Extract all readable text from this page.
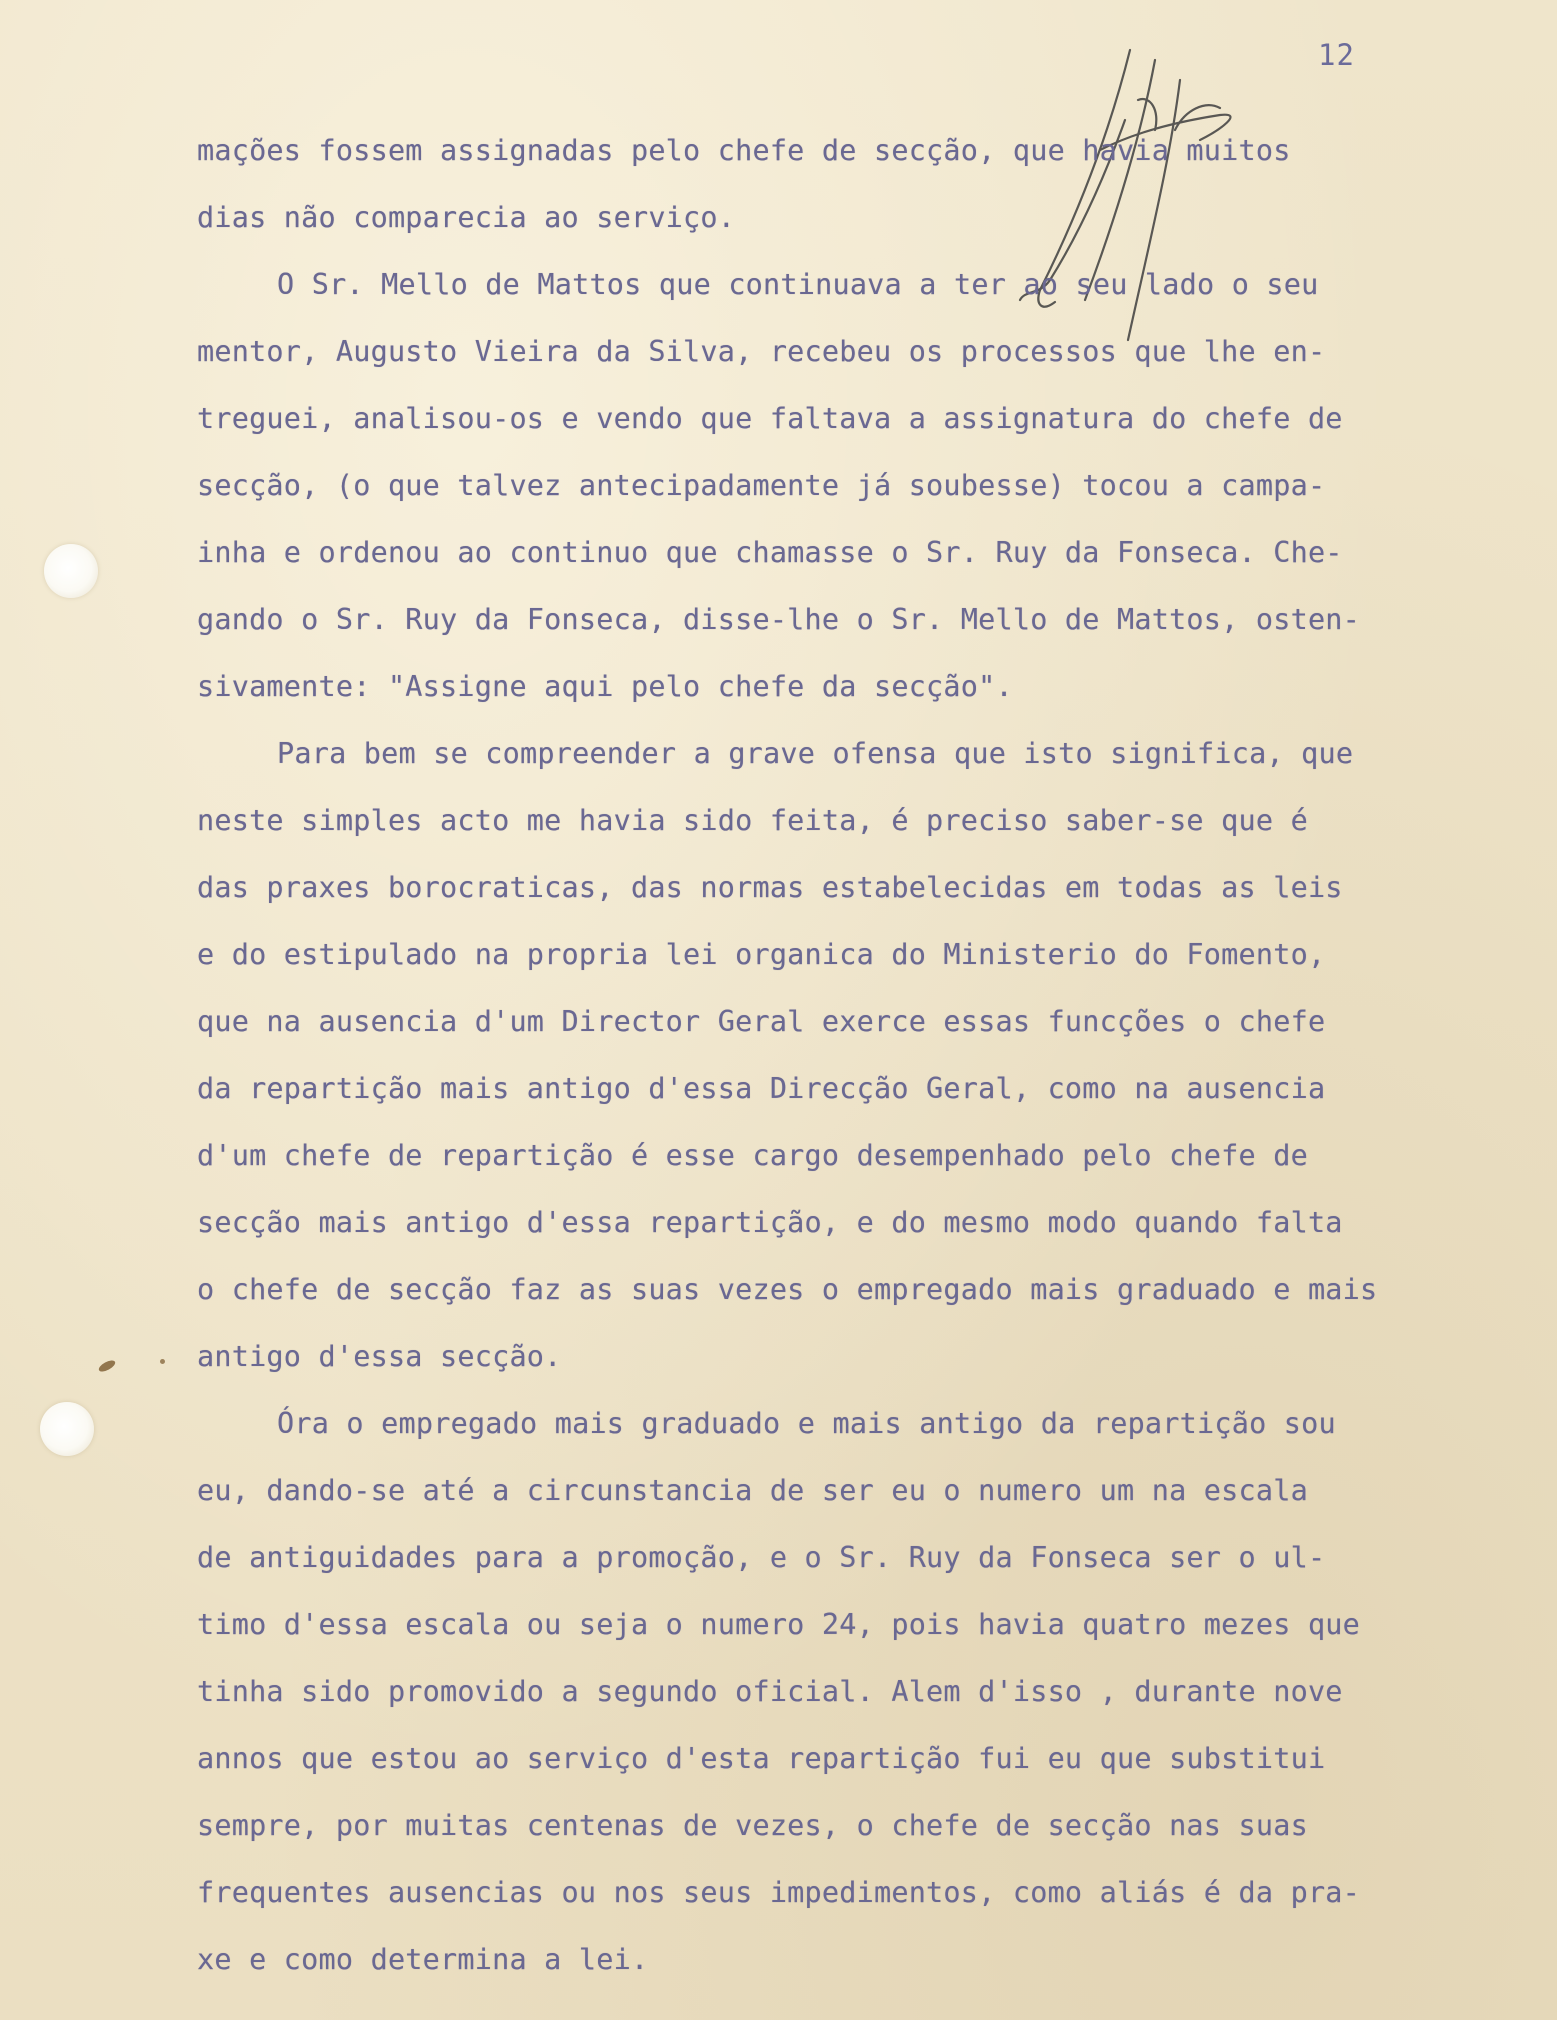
12
mações fossem assignadas pelo chefe de secção, que havia muitos
dias não comparecia ao serviço.
O Sr. Mello de Mattos que continuava a ter ao seu lado o seu
mentor, Augusto Vieira da Silva, recebeu os processos que lhe en-
treguei, analisou-os e vendo que faltava a assignatura do chefe de
secção, (o que talvez antecipadamente já soubesse) tocou a campa-
inha e ordenou ao continuo que chamasse o Sr. Ruy da Fonseca. Che-
gando o Sr. Ruy da Fonseca, disse-lhe o Sr. Mello de Mattos, osten-
sivamente: "Assigne aqui pelo chefe da secção".
Para bem se compreender a grave ofensa que isto significa, que
neste simples acto me havia sido feita, é preciso saber-se que é
das praxes borocraticas, das normas estabelecidas em todas as leis
e do estipulado na propria lei organica do Ministerio do Fomento,
que na ausencia d'um Director Geral exerce essas funcções o chefe
da repartição mais antigo d'essa Direcção Geral, como na ausencia
d'um chefe de repartição é esse cargo desempenhado pelo chefe de
secção mais antigo d'essa repartição, e do mesmo modo quando falta
o chefe de secção faz as suas vezes o empregado mais graduado e mais
antigo d'essa secção.
Óra o empregado mais graduado e mais antigo da repartição sou
eu, dando-se até a circunstancia de ser eu o numero um na escala
de antiguidades para a promoção, e o Sr. Ruy da Fonseca ser o ul-
timo d'essa escala ou seja o numero 24, pois havia quatro mezes que
tinha sido promovido a segundo oficial. Alem d'isso , durante nove
annos que estou ao serviço d'esta repartição fui eu que substitui
sempre, por muitas centenas de vezes, o chefe de secção nas suas
frequentes ausencias ou nos seus impedimentos, como aliás é da pra-
xe e como determina a lei.
